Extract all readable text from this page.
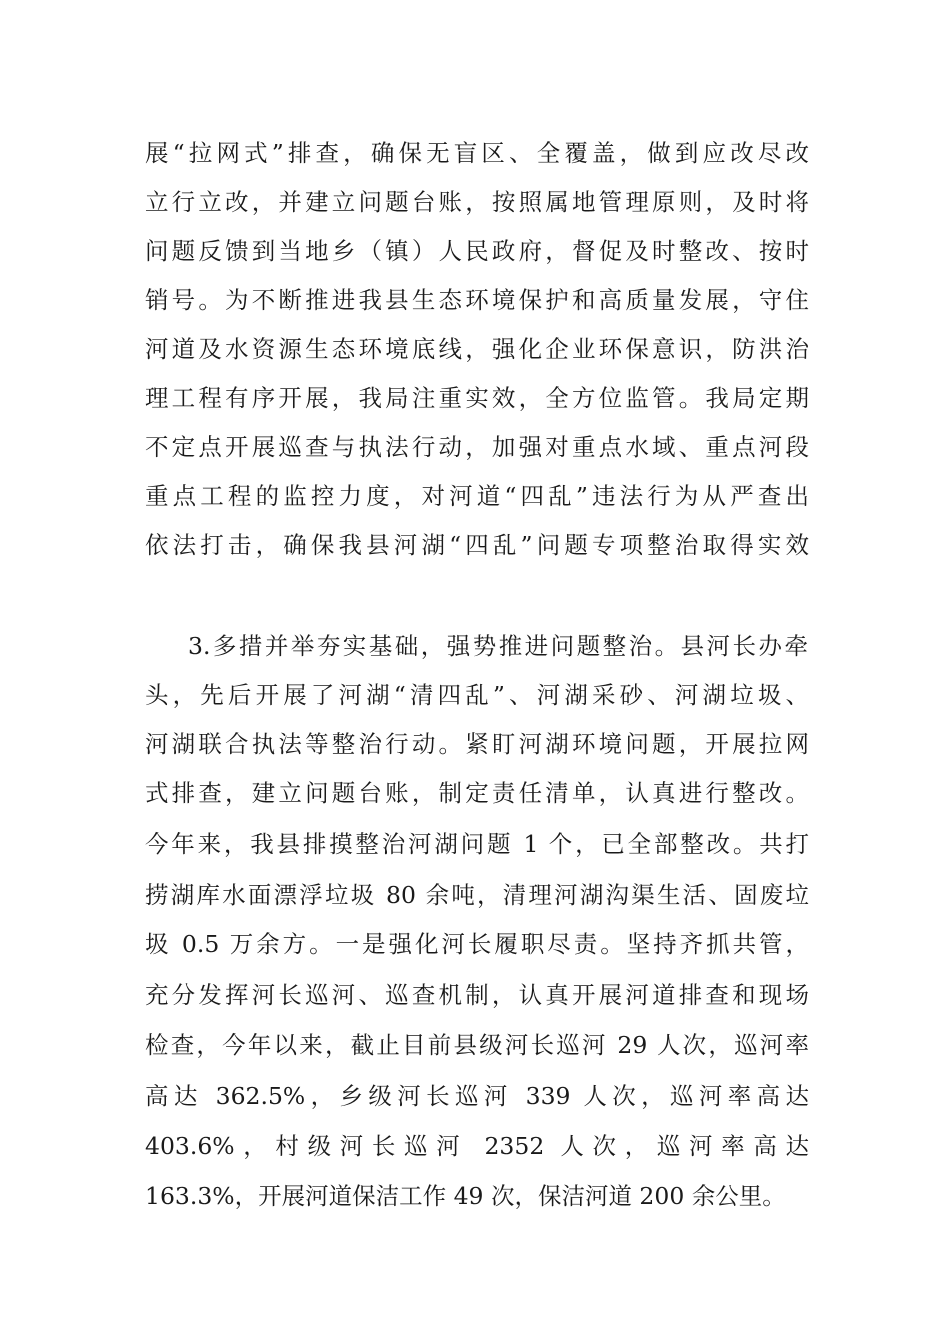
展“拉网式”排查，确保无盲区、全覆盖，做到应改尽改
立行立改，并建立问题台账，按照属地管理原则，及时将
问题反馈到当地乡（镇）人民政府，督促及时整改、按时
销号。为不断推进我县生态环境保护和高质量发展，守住
河道及水资源生态环境底线，强化企业环保意识，防洪治
理工程有序开展，我局注重实效，全方位监管。我局定期
不定点开展巡查与执法行动，加强对重点水域、重点河段
重点工程的监控力度，对河道“四乱”违法行为从严查出
依法打击，确保我县河湖“四乱”问题专项整治取得实效
3.多措并举夯实基础，强势推进问题整治。县河长办牵
头，先后开展了河湖“清四乱”、河湖采砂、河湖垃圾、
河湖联合执法等整治行动。紧盯河湖环境问题，开展拉网
式排查，建立问题台账，制定责任清单，认真进行整改。
今年来，我县排摸整治河湖问题 1 个，已全部整改。共打
捞湖库水面漂浮垃圾 80 余吨，清理河湖沟渠生活、固废垃
圾 0.5 万余方。一是强化河长履职尽责。坚持齐抓共管，
充分发挥河长巡河、巡查机制，认真开展河道排查和现场
检查，今年以来，截止目前县级河长巡河 29 人次，巡河率
高达 362.5%，乡级河长巡河 339 人次，巡河率高达
403.6%，村级河长巡河 2352 人次，巡河率高达
163.3%，开展河道保洁工作 49 次，保洁河道 200 余公里。
